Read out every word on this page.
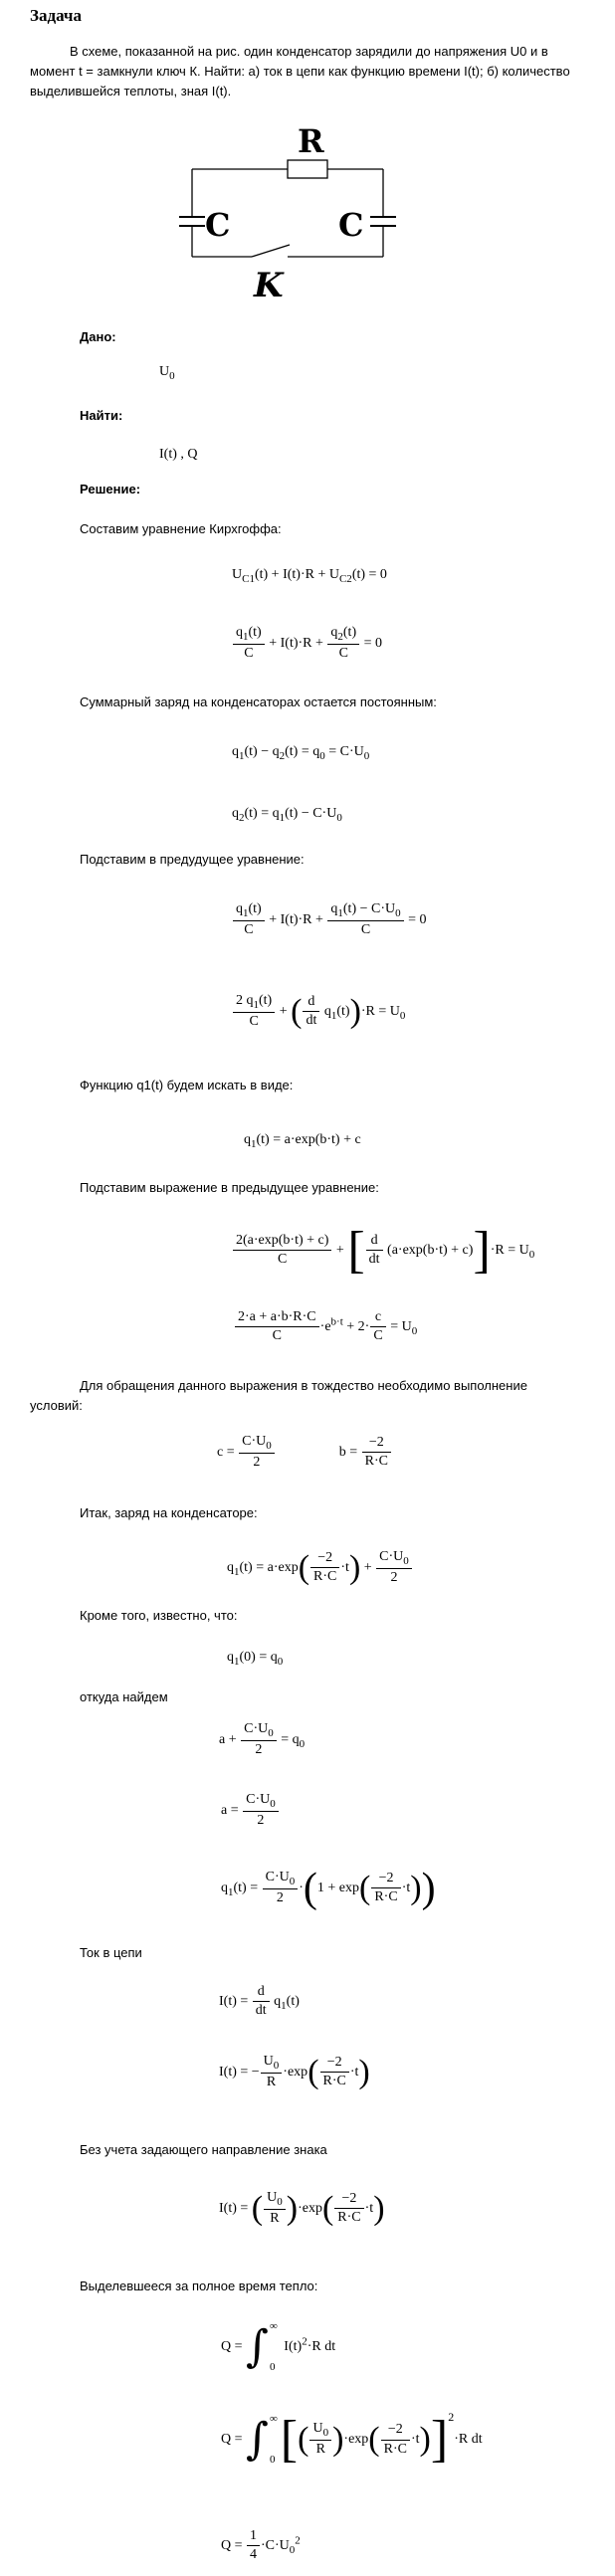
Задача
В схеме, показанной на рис. один конденсатор зарядили до напряжения U0 и в момент t = замкнули ключ К. Найти: а) ток в цепи как функцию времени I(t); б) количество выделившейся теплоты, зная I(t).
R
C	C
K
Дано:
$U_0$
Найти:
I(t) , Q
Решение:
Составим уравнение Кирхгоффа:
$U_{C1}(t) + I(t)\cdot R + U_{C2}(t) = 0$
$\frac{q_1(t)}{C} + I(t)\cdot R + \frac{q_2(t)}{C} = 0$
Суммарный заряд на конденсаторах остается постоянным:
$q_1(t) - q_2(t) = q_0 = C\cdot U_0$
$q_2(t) = q_1(t) - C\cdot U_0$
Подставим в предудущее уравнение:
$\frac{q_1(t)}{C} + I(t)\cdot R + \frac{q_1(t) - C\cdot U_0}{C} = 0$
$\frac{2 q_1(t)}{C}$ + ( $\frac{d}{dt} q_1(t))\cdot R = U_0$
Функцию q1(t) будем искать в виде:
$q_1(t) = a\cdot\exp(b\cdot t) + c$
Подставим выражение в предыдущее уравнение:
$\frac{2(a\cdot\exp(b\cdot t) + c)}{C}$ + [ $\frac{d}{dt} (a\cdot\exp(b\cdot t) + c)]\cdot R = U_0$
$\frac{2\cdot a + a\cdot b\cdot R\cdot C}{C} \cdot e^{b\cdot t} + 2\cdot \frac{c}{C} = U_0$
Для обращения данного выражения в тождество необходимо выполнение условий:
$c = \frac{C\cdot U_0}{2}$	$b = \frac{-2}{R\cdot C}$
Итак, заряд на конденсаторе:
$q_1(t) = a\cdot\exp( \frac{-2}{R\cdot C} \cdot t) + \frac{C\cdot U_0}{2}$
Кроме того, известно, что:
$q_1(0) = q_0$
откуда найдем
$a + \frac{C\cdot U_0}{2} = q_0$
$a = \frac{C\cdot U_0}{2}$
$q_1(t) = \frac{C\cdot U_0}{2} \cdot(1 + \exp( \frac{-2}{R\cdot C} \cdot t))$
Ток в цепи
$I(t) = \frac{d}{dt} q_1(t)$
I(t) = − $\frac{U_0}{R} \cdot\exp( \frac{-2}{R\cdot C} \cdot t)$
Без учета задающего направление знака
I(t) = ( $\frac{U_0}{R} )\cdot\exp( \frac{-2}{R\cdot C} \cdot t)$
Выделевшееся за полное время тепло:
Q = ∫ ∞
0
$I(t)^2\cdot R$ dt
Q = ∫ ∞
0 [( $\frac{U_0}{R} )\cdot\exp( \frac{-2}{R\cdot C} \cdot t)]2\cdot R$ dt
$Q = \frac{1}{4} \cdot C\cdot U_0^2$
